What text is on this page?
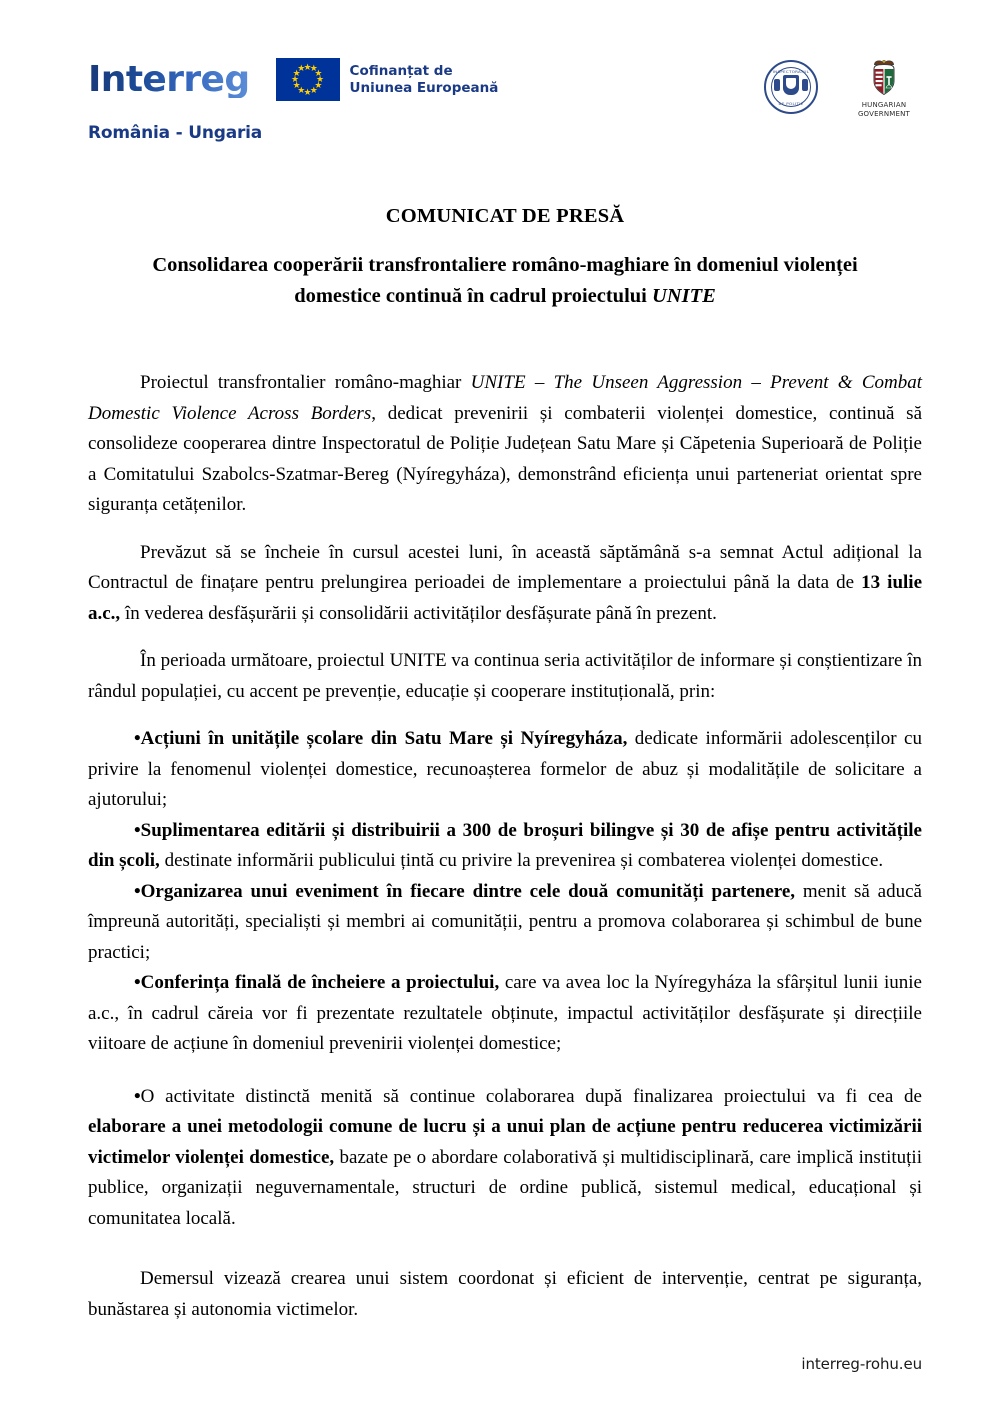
Interreg	★
★
★
★
★
★
★
★
★
★
★
★	Cofinanțat de
Uniunea Europeană
România - Ungaria
INSPECTORATUL
DE POLIȚIE	HUNGARIAN
GOVERNMENT
COMUNICAT DE PRESĂ
Consolidarea cooperării transfrontaliere româno-maghiare în domeniul violenței
domestice continuă în cadrul proiectului UNITE

Proiectul transfrontalier româno-maghiar UNITE – The Unseen Aggression – Prevent & Combat Domestic Violence Across Borders, dedicat prevenirii și combaterii violenței domestice, continuă să consolideze cooperarea dintre Inspectoratul de Poliție Județean Satu Mare și Căpetenia Superioară de Poliție a Comitatului Szabolcs-Szatmar-Bereg (Nyíregyháza), demonstrând eficiența unui parteneriat orientat spre siguranța cetățenilor.

Prevăzut să se încheie în cursul acestei luni, în această săptămână s-a semnat Actul adițional la Contractul de finațare pentru prelungirea perioadei de implementare a proiectului până la data de 13 iulie a.c., în vederea desfășurării și consolidării activităților desfășurate până în prezent.

În perioada următoare, proiectul UNITE va continua seria activităților de informare și conștientizare în rândul populației, cu accent pe prevenție, educație și cooperare instituțională, prin:

•Acțiuni în unitățile școlare din Satu Mare și Nyíregyháza, dedicate informării adolescenților cu privire la fenomenul violenței domestice, recunoașterea formelor de abuz și modalitățile de solicitare a ajutorului;

•Suplimentarea editării și distribuirii a 300 de broșuri bilingve și 30 de afișe pentru activitățile din școli, destinate informării publicului țintă cu privire la prevenirea și combaterea violenței domestice.

•Organizarea unui eveniment în fiecare dintre cele două comunități partenere, menit să aducă împreună autorități, specialiști și membri ai comunității, pentru a promova colaborarea și schimbul de bune practici;

•Conferința finală de încheiere a proiectului, care va avea loc la Nyíregyháza la sfârșitul lunii iunie a.c., în cadrul căreia vor fi prezentate rezultatele obținute, impactul activităților desfășurate și direcțiile viitoare de acțiune în domeniul prevenirii violenței domestice;

•O activitate distinctă menită să continue colaborarea după finalizarea proiectului va fi cea de elaborare a unei metodologii comune de lucru și a unui plan de acțiune pentru reducerea victimizării victimelor violenței domestice, bazate pe o abordare colaborativă și multidisciplinară, care implică instituții publice, organizații neguvernamentale, structuri de ordine publică, sistemul medical, educațional și comunitatea locală.

Demersul vizează crearea unui sistem coordonat și eficient de intervenție, centrat pe siguranța, bunăstarea și autonomia victimelor.

interreg-rohu.eu
